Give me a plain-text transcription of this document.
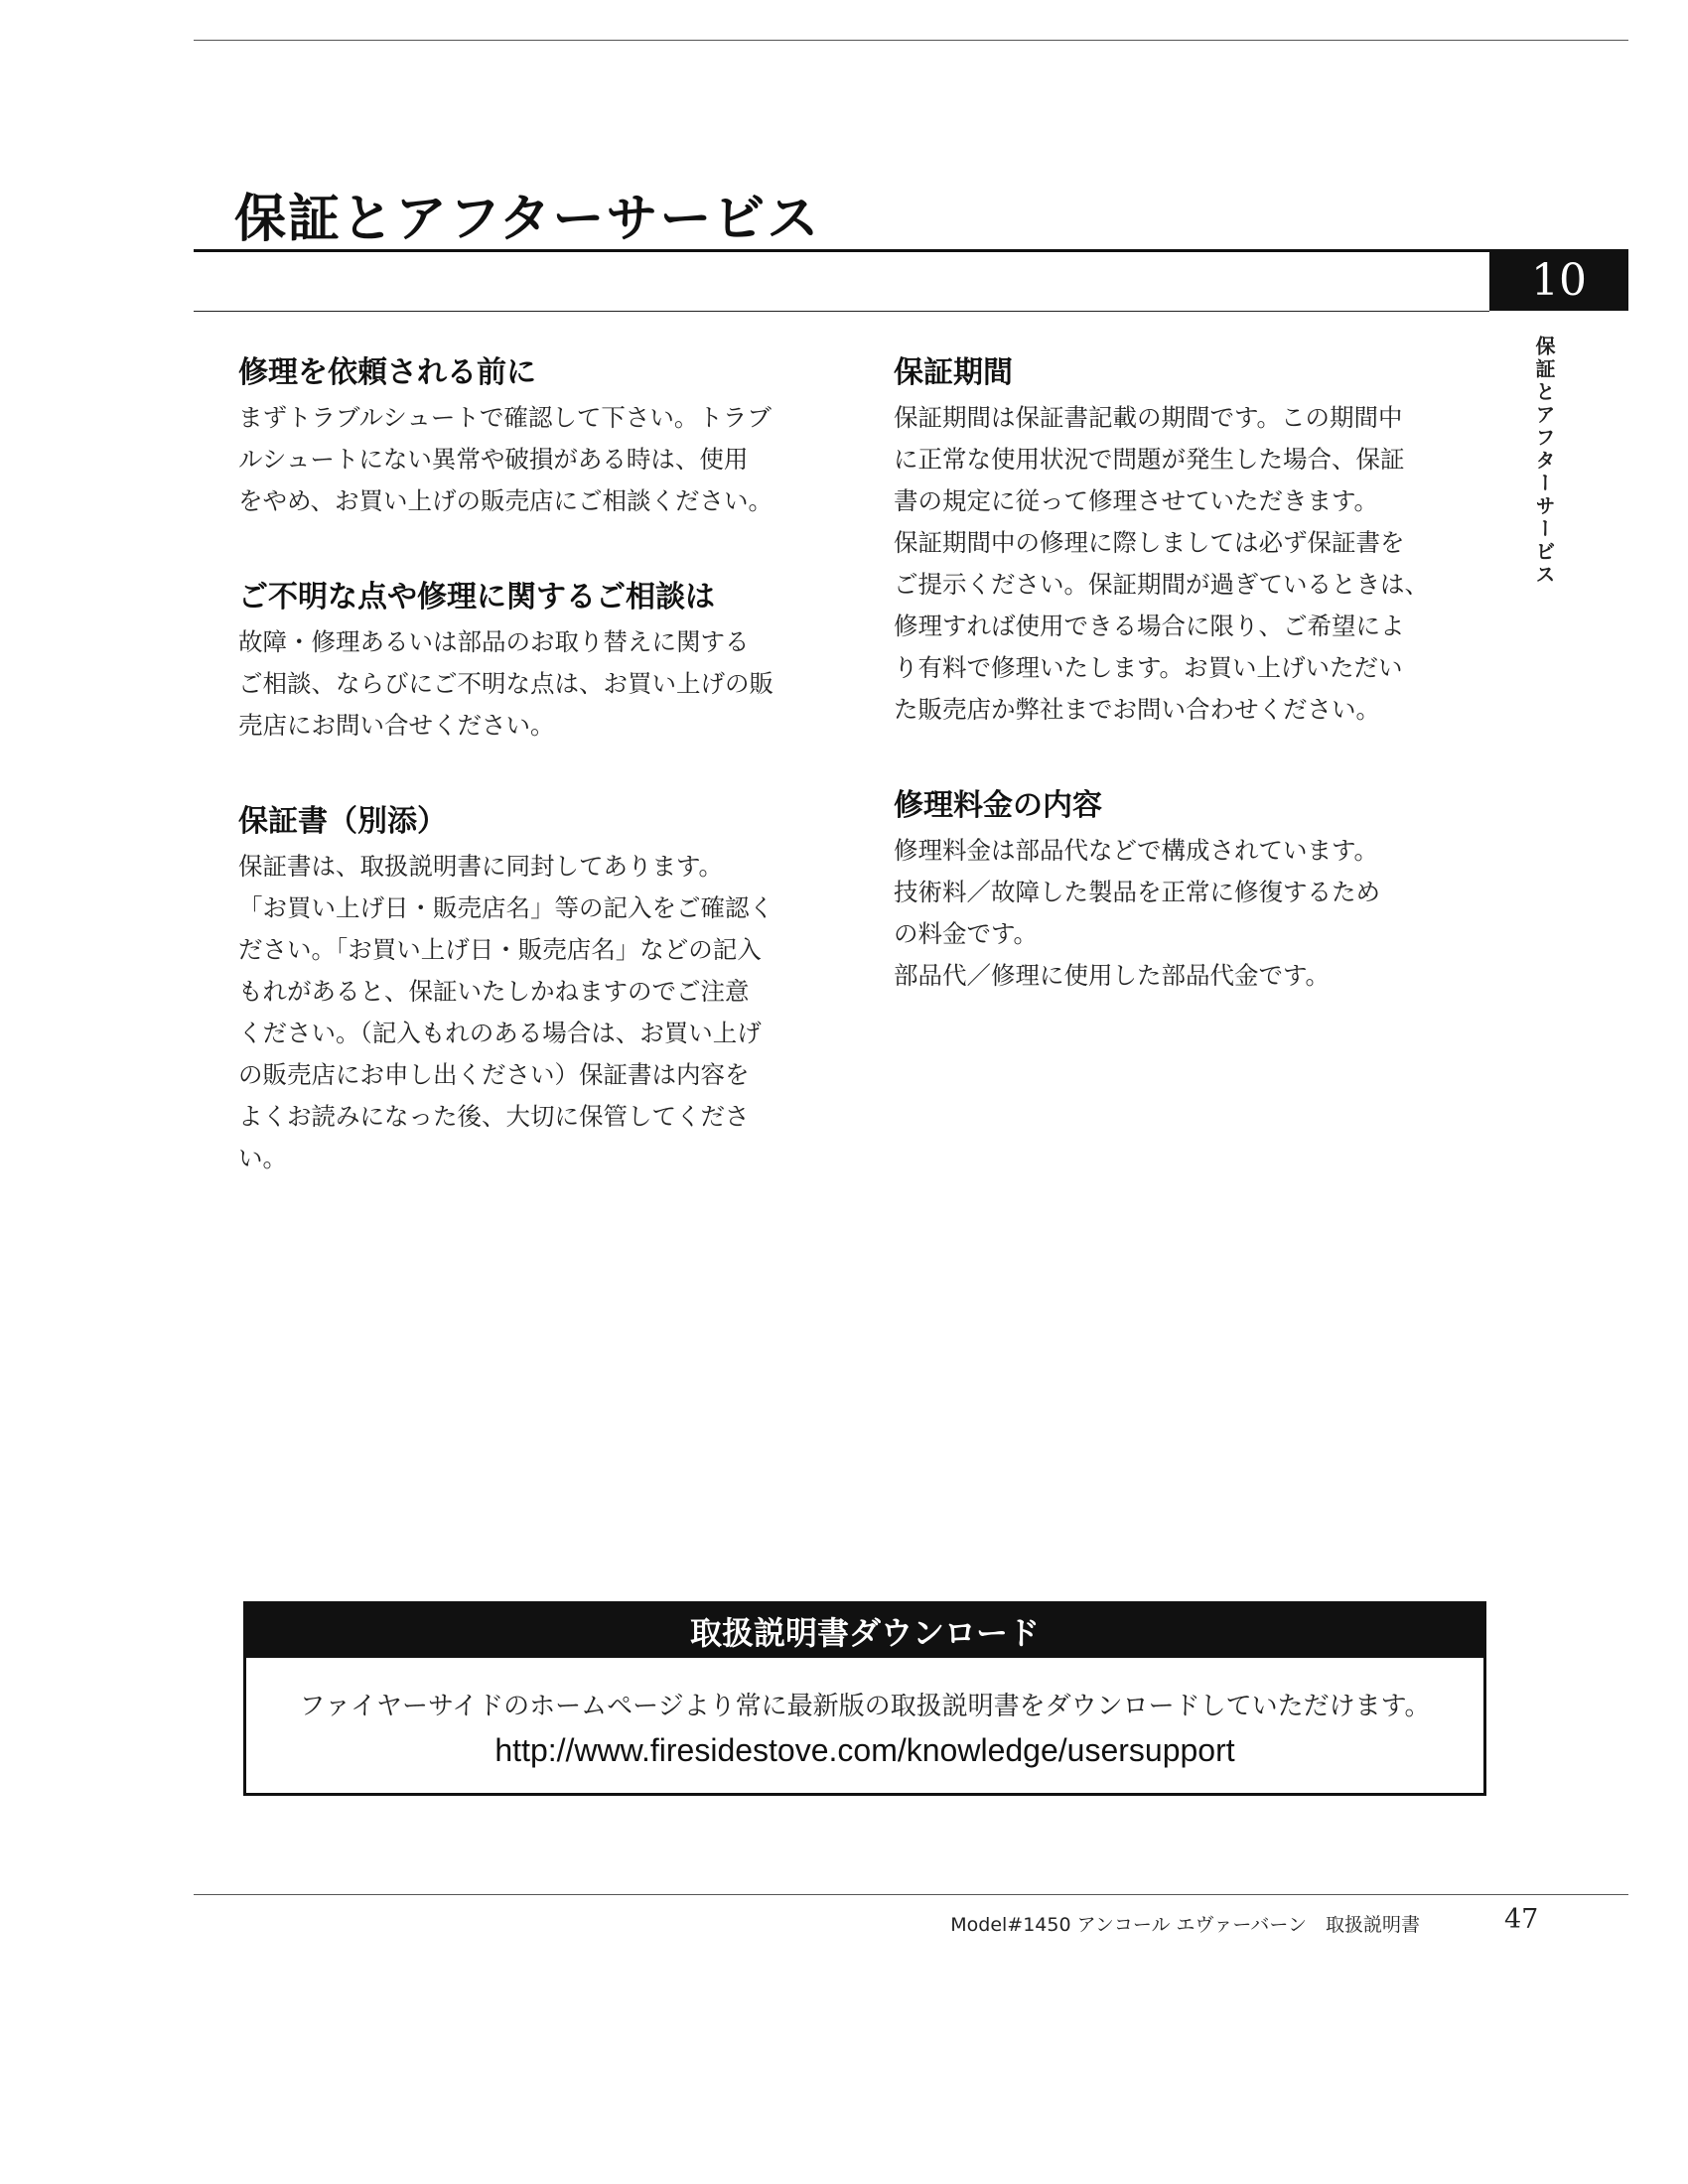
保証とアフターサービス
10
保証とアフターサービス
修理を依頼される前に

まずトラブルシュートで確認して下さい。トラブ
ルシュートにない異常や破損がある時は、使用
をやめ、お買い上げの販売店にご相談ください。

ご不明な点や修理に関するご相談は

故障・修理あるいは部品のお取り替えに関する
ご相談、ならびにご不明な点は、お買い上げの販
売店にお問い合せください。

保証書（別添）

保証書は、取扱説明書に同封してあります。
「お買い上げ日・販売店名」等の記入をご確認く
ださい。「お買い上げ日・販売店名」などの記入
もれがあると、保証いたしかねますのでご注意
ください。（記入もれのある場合は、お買い上げ
の販売店にお申し出ください）保証書は内容を
よくお読みになった後、大切に保管してください。

保証期間

保証期間は保証書記載の期間です。この期間中
に正常な使用状況で問題が発生した場合、保証
書の規定に従って修理させていただきます。
保証期間中の修理に際しましては必ず保証書を
ご提示ください。保証期間が過ぎているときは、
修理すれば使用できる場合に限り、ご希望によ
り有料で修理いたします。お買い上げいただい
た販売店か弊社までお問い合わせください。

修理料金の内容

修理料金は部品代などで構成されています。
技術料／故障した製品を正常に修復するため
の料金です。
部品代／修理に使用した部品代金です。

取扱説明書ダウンロード
ファイヤーサイドのホームページより常に最新版の取扱説明書をダウンロードしていただけます。
http://www.firesidestove.com/knowledge/usersupport
Model#1450 アンコール エヴァーバーン　取扱説明書	47
